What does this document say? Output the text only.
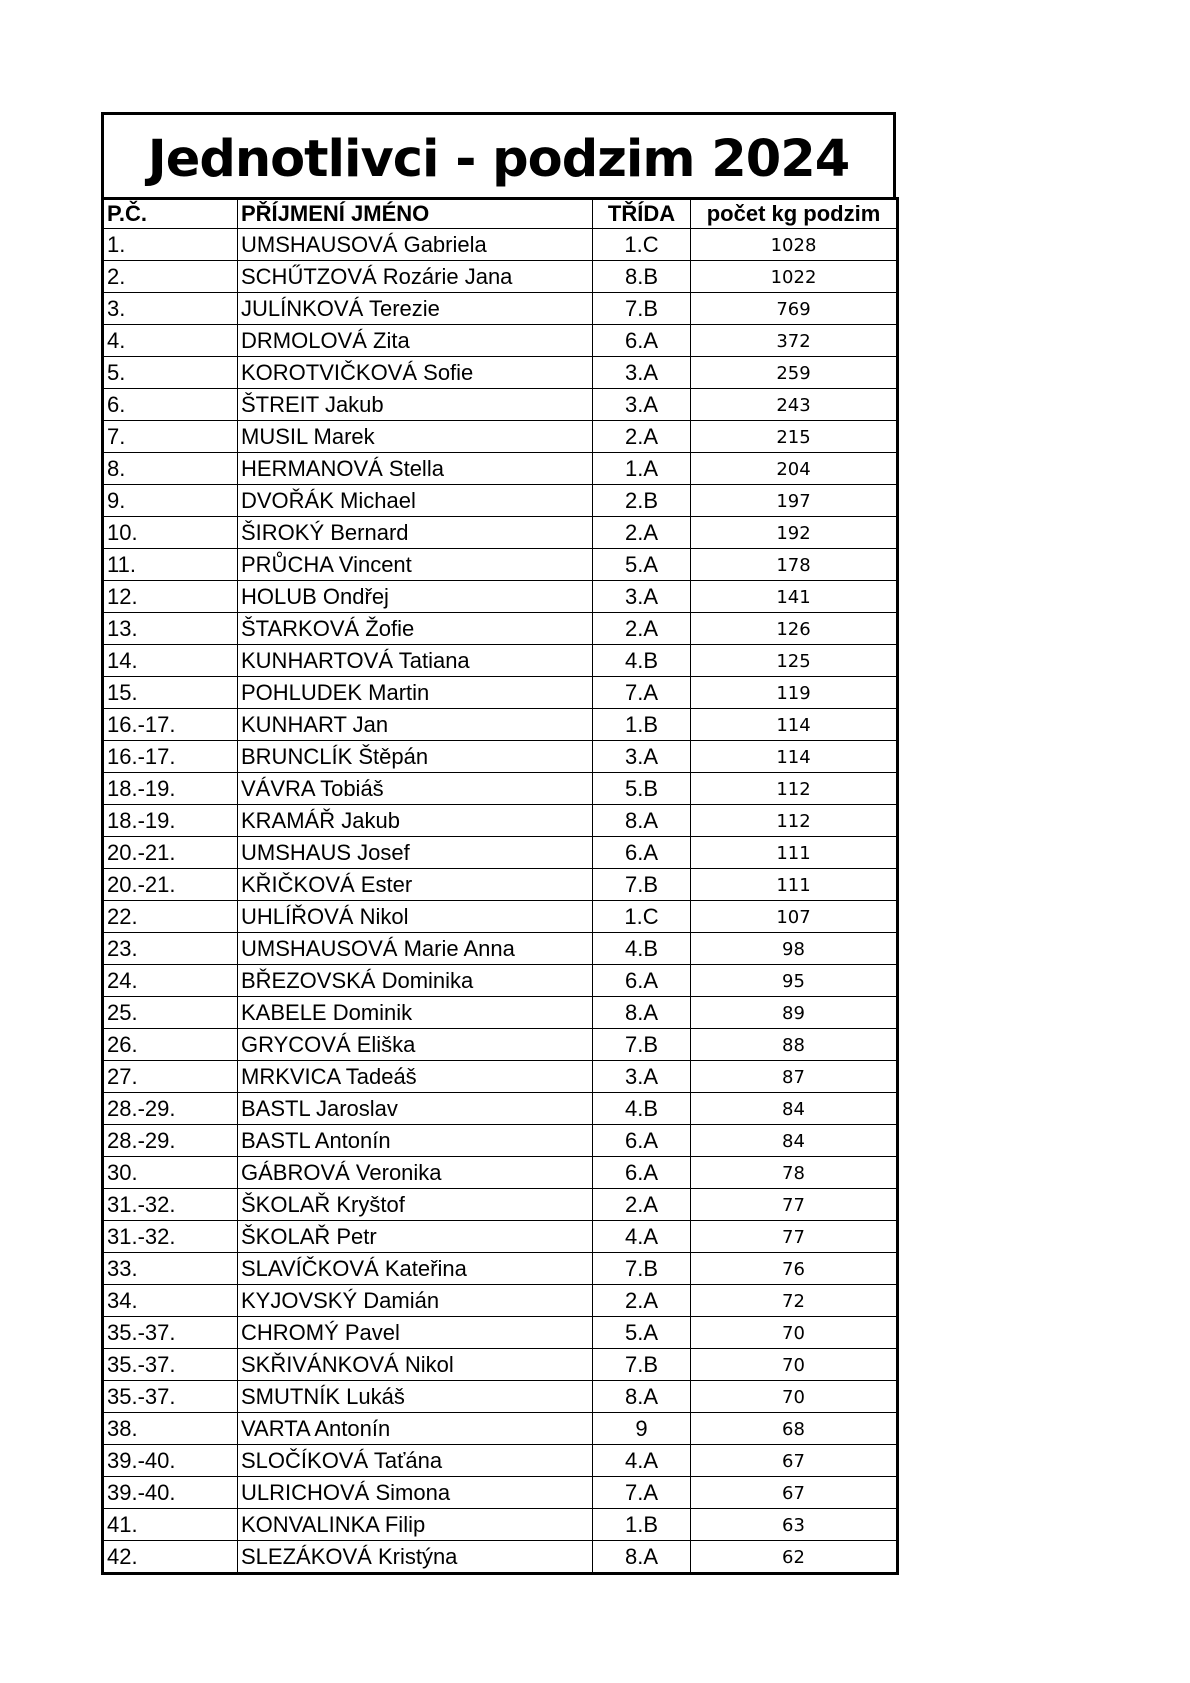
Jednotlivci - podzim 2024
P.Č.	PŘÍJMENÍ JMÉNO	TŘÍDA	počet kg podzim
1.	UMSHAUSOVÁ Gabriela	1.C	1028
2.	SCHŰTZOVÁ Rozárie Jana	8.B	1022
3.	JULÍNKOVÁ Terezie	7.B	769
4.	DRMOLOVÁ Zita	6.A	372
5.	KOROTVIČKOVÁ Sofie	3.A	259
6.	ŠTREIT Jakub	3.A	243
7.	MUSIL Marek	2.A	215
8.	HERMANOVÁ Stella	1.A	204
9.	DVOŘÁK Michael	2.B	197
10.	ŠIROKÝ Bernard	2.A	192
11.	PRŮCHA Vincent	5.A	178
12.	HOLUB Ondřej	3.A	141
13.	ŠTARKOVÁ Žofie	2.A	126
14.	KUNHARTOVÁ Tatiana	4.B	125
15.	POHLUDEK Martin	7.A	119
16.-17.	KUNHART Jan	1.B	114
16.-17.	BRUNCLÍK Štěpán	3.A	114
18.-19.	VÁVRA Tobiáš	5.B	112
18.-19.	KRAMÁŘ Jakub	8.A	112
20.-21.	UMSHAUS Josef	6.A	111
20.-21.	KŘIČKOVÁ Ester	7.B	111
22.	UHLÍŘOVÁ Nikol	1.C	107
23.	UMSHAUSOVÁ Marie Anna	4.B	98
24.	BŘEZOVSKÁ Dominika	6.A	95
25.	KABELE Dominik	8.A	89
26.	GRYCOVÁ Eliška	7.B	88
27.	MRKVICA Tadeáš	3.A	87
28.-29.	BASTL Jaroslav	4.B	84
28.-29.	BASTL Antonín	6.A	84
30.	GÁBROVÁ Veronika	6.A	78
31.-32.	ŠKOLAŘ Kryštof	2.A	77
31.-32.	ŠKOLAŘ Petr	4.A	77
33.	SLAVÍČKOVÁ Kateřina	7.B	76
34.	KYJOVSKÝ Damián	2.A	72
35.-37.	CHROMÝ Pavel	5.A	70
35.-37.	SKŘIVÁNKOVÁ Nikol	7.B	70
35.-37.	SMUTNÍK Lukáš	8.A	70
38.	VARTA Antonín	9	68
39.-40.	SLOČÍKOVÁ Taťána	4.A	67
39.-40.	ULRICHOVÁ Simona	7.A	67
41.	KONVALINKA Filip	1.B	63
42.	SLEZÁKOVÁ Kristýna	8.A	62
